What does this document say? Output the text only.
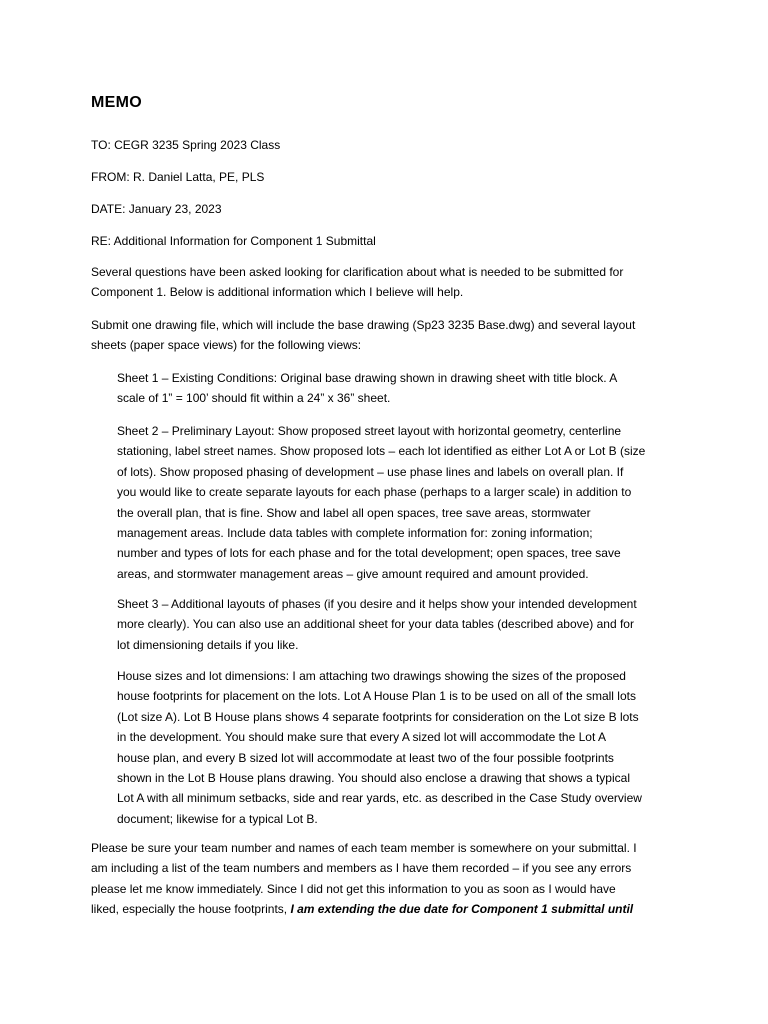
MEMO
TO: CEGR 3235 Spring 2023 Class
FROM: R. Daniel Latta, PE, PLS
DATE: January 23, 2023
RE: Additional Information for Component 1 Submittal
Several questions have been asked looking for clarification about what is needed to be submitted for
Component 1. Below is additional information which I believe will help.
Submit one drawing file, which will include the base drawing (Sp23 3235 Base.dwg) and several layout
sheets (paper space views) for the following views:
Sheet 1 – Existing Conditions: Original base drawing shown in drawing sheet with title block. A
scale of 1” = 100’ should fit within a 24” x 36” sheet.
Sheet 2 – Preliminary Layout: Show proposed street layout with horizontal geometry, centerline
stationing, label street names. Show proposed lots – each lot identified as either Lot A or Lot B (size
of lots). Show proposed phasing of development – use phase lines and labels on overall plan. If
you would like to create separate layouts for each phase (perhaps to a larger scale) in addition to
the overall plan, that is fine. Show and label all open spaces, tree save areas, stormwater
management areas. Include data tables with complete information for: zoning information;
number and types of lots for each phase and for the total development; open spaces, tree save
areas, and stormwater management areas – give amount required and amount provided.
Sheet 3 – Additional layouts of phases (if you desire and it helps show your intended development
more clearly). You can also use an additional sheet for your data tables (described above) and for
lot dimensioning details if you like.
House sizes and lot dimensions: I am attaching two drawings showing the sizes of the proposed
house footprints for placement on the lots. Lot A House Plan 1 is to be used on all of the small lots
(Lot size A). Lot B House plans shows 4 separate footprints for consideration on the Lot size B lots
in the development. You should make sure that every A sized lot will accommodate the Lot A
house plan, and every B sized lot will accommodate at least two of the four possible footprints
shown in the Lot B House plans drawing. You should also enclose a drawing that shows a typical
Lot A with all minimum setbacks, side and rear yards, etc. as described in the Case Study overview
document; likewise for a typical Lot B.
Please be sure your team number and names of each team member is somewhere on your submittal. I
am including a list of the team numbers and members as I have them recorded – if you see any errors
please let me know immediately. Since I did not get this information to you as soon as I would have
liked, especially the house footprints, I am extending the due date for Component 1 submittal until
